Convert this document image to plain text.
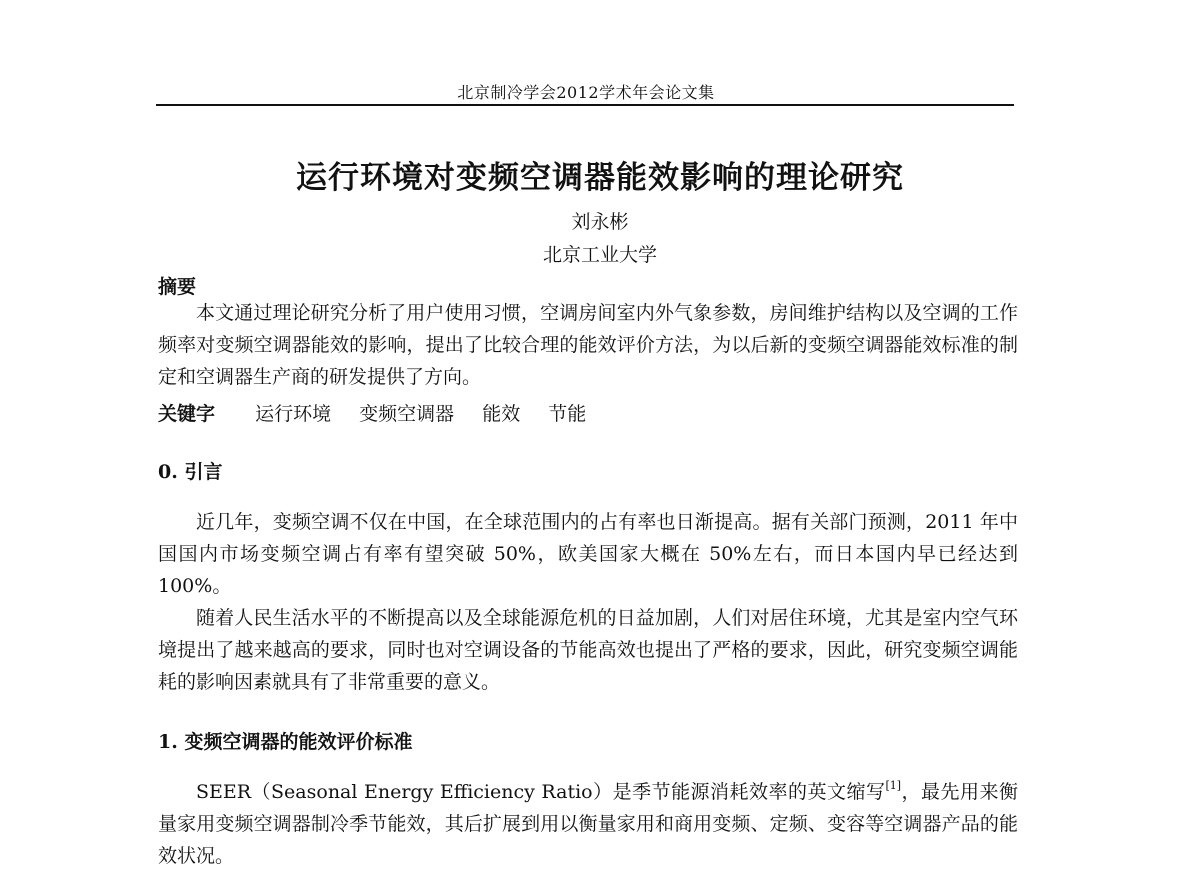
北京制冷学会2012学术年会论文集
运行环境对变频空调器能效影响的理论研究
刘永彬
北京工业大学
摘要

本文通过理论研究分析了用户使用习惯，空调房间室内外气象参数，房间维护结构以及空调的工作频率对变频空调器能效的影响，提出了比较合理的能效评价方法，为以后新的变频空调器能效标准的制定和空调器生产商的研发提供了方向。

关键字 运行环境 变频空调器 能效 节能
0. 引言

近几年，变频空调不仅在中国，在全球范围内的占有率也日渐提高。据有关部门预测，2011 年中国国内市场变频空调占有率有望突破 50%，欧美国家大概在 50%左右，而日本国内早已经达到 100%。

随着人民生活水平的不断提高以及全球能源危机的日益加剧，人们对居住环境，尤其是室内空气环境提出了越来越高的要求，同时也对空调设备的节能高效也提出了严格的要求，因此，研究变频空调能耗的影响因素就具有了非常重要的意义。

1. 变频空调器的能效评价标准

SEER（Seasonal Energy Efficiency Ratio）是季节能源消耗效率的英文缩写[1]，最先用来衡量家用变频空调器制冷季节能效，其后扩展到用以衡量家用和商用变频、定频、变容等空调器产品的能效状况。
